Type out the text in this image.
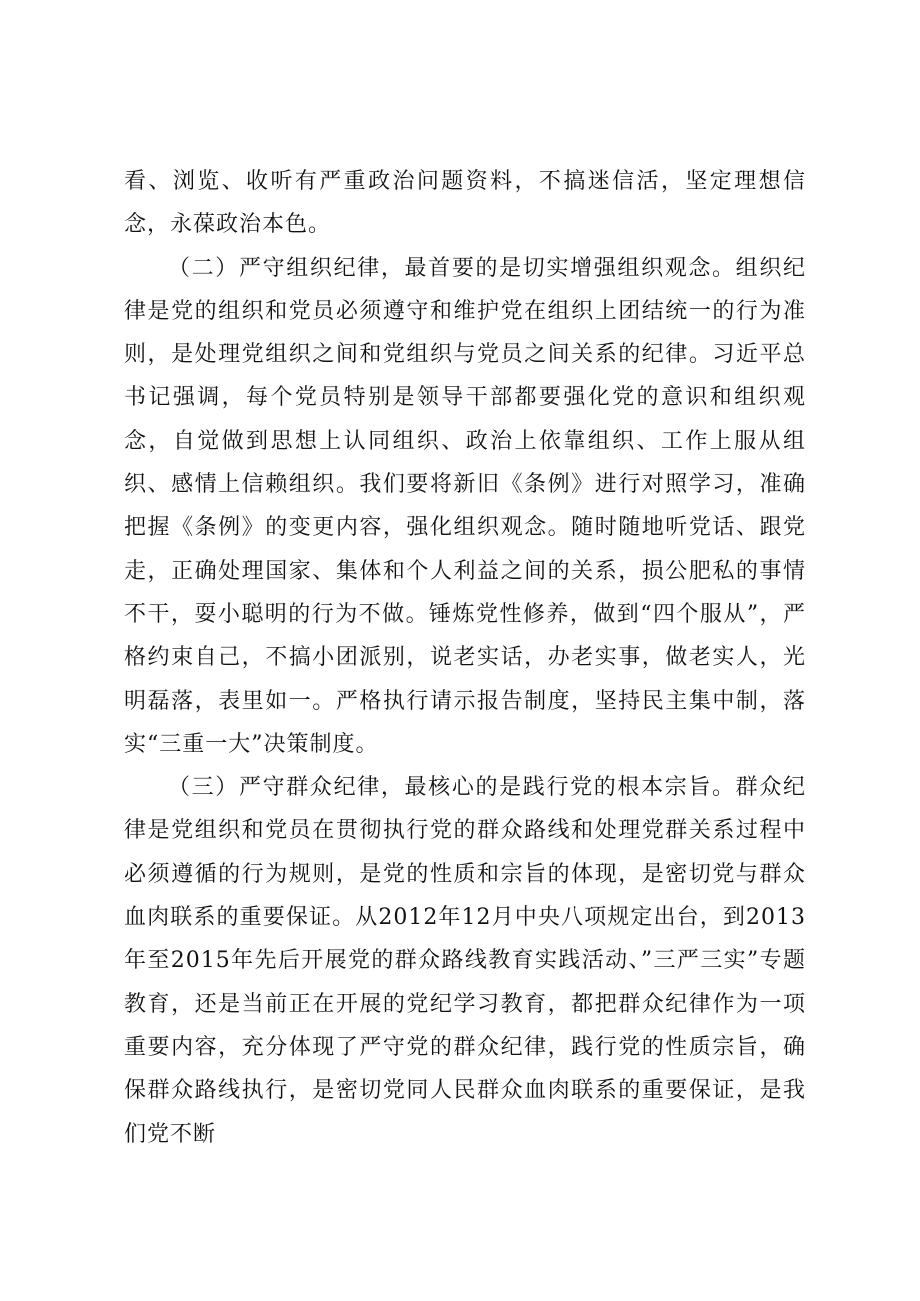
看、浏览、收听有严重政治问题资料，不搞迷信活，坚定理想信念，永葆政治本色。

（二）严守组织纪律，最首要的是切实增强组织观念。组织纪律是党的组织和党员必须遵守和维护党在组织上团结统一的行为准则，是处理党组织之间和党组织与党员之间关系的纪律。习近平总书记强调，每个党员特别是领导干部都要强化党的意识和组织观念，自觉做到思想上认同组织、政治上依靠组织、工作上服从组织、感情上信赖组织。我们要将新旧《条例》进行对照学习，准确把握《条例》的变更内容，强化组织观念。随时随地听党话、跟党走，正确处理国家、集体和个人利益之间的关系，损公肥私的事情不干，耍小聪明的行为不做。锤炼党性修养，做到“四个服从”，严格约束自己，不搞小团派别，说老实话，办老实事，做老实人，光明磊落，表里如一。严格执行请示报告制度，坚持民主集中制，落实“三重一大”决策制度。

（三）严守群众纪律，最核心的是践行党的根本宗旨。群众纪律是党组织和党员在贯彻执行党的群众路线和处理党群关系过程中必须遵循的行为规则，是党的性质和宗旨的体现，是密切党与群众血肉联系的重要保证。从2012年12月中央八项规定出台，到2013年至2015年先后开展党的群众路线教育实践活动、”三严三实”专题教育，还是当前正在开展的党纪学习教育，都把群众纪律作为一项重要内容，充分体现了严守党的群众纪律，践行党的性质宗旨，确保群众路线执行，是密切党同人民群众血肉联系的重要保证，是我们党不断
